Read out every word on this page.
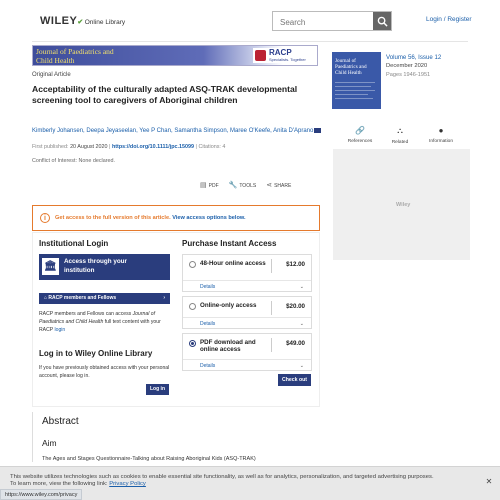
WILEY✔Online Library
Search	Login / Register
Journal of Paediatrics and
Child Health
RACP
Specialists. Together
Original Article
Acceptability of the culturally adapted ASQ-TRAK developmental screening tool to caregivers of Aboriginal children
Kimberly Johansen, Deepa Jeyaseelan, Yee P Chan, Samantha Simpson, Maree O'Keefe, Anita D'Aprano
First published: 20 August 2020 | https://doi.org/10.1111/jpc.15099 | Citations: 4
Conflict of Interest: None declared.
▤ PDF 🔧 TOOLS ⋖ SHARE
i	Get access to the full version of this article. View access options below.
Institutional Login
🏛	Access through your
institution
⌂ RACP members and Fellows	›
RACP members and Fellows can access Journal of Paediatrics and Child Health full text content with your RACP login
Log in to Wiley Online Library
If you have previously obtained access with your personal account, please log in.
Log in
Purchase Instant Access
48-Hour online access	$12.00
Details	⌄
Online-only access	$20.00
Details	⌄
PDF download and online access
$49.00
Details	⌄
Check out
Abstract
Aim
The Ages and Stages Questionnaire-Talking about Raising Aboriginal Kids (ASQ-TRAK)
Journal of
Paediatrics and
Child Health
Volume 56, Issue 12
December 2020
Pages 1946-1951
🔗
References
⛬
Related
●
Information
Wiley
This website utilizes technologies such as cookies to enable essential site functionality, as well as for analytics, personalization, and targeted advertising purposes.
To learn more, view the following link: Privacy Policy	✕
https://www.wiley.com/privacy
